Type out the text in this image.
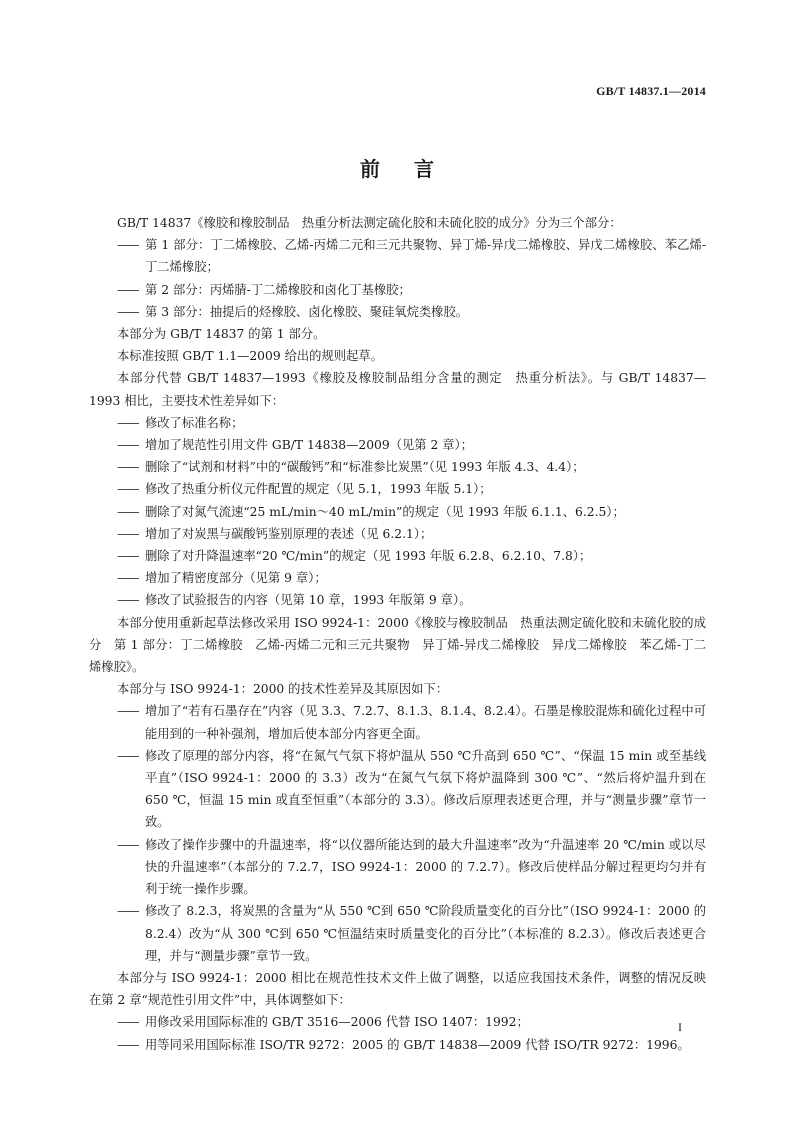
GB/T 14837.1—2014
前言

GB/T 14837《橡胶和橡胶制品　热重分析法测定硫化胶和未硫化胶的成分》分为三个部分：

—— 第 1 部分：丁二烯橡胶、乙烯-丙烯二元和三元共聚物、异丁烯-异戊二烯橡胶、异戊二烯橡胶、苯乙烯-丁二烯橡胶；

—— 第 2 部分：丙烯腈-丁二烯橡胶和卤化丁基橡胶；

—— 第 3 部分：抽提后的烃橡胶、卤化橡胶、聚硅氧烷类橡胶。

本部分为 GB/T 14837 的第 1 部分。

本标准按照 GB/T 1.1—2009 给出的规则起草。

本部分代替 GB/T 14837—1993《橡胶及橡胶制品组分含量的测定　热重分析法》。与 GB/T 14837—1993 相比，主要技术性差异如下：

—— 修改了标准名称；

—— 增加了规范性引用文件 GB/T 14838—2009（见第 2 章）；

—— 删除了“试剂和材料”中的“碳酸钙”和“标准参比炭黑”（见 1993 年版 4.3、4.4）；

—— 修改了热重分析仪元件配置的规定（见 5.1，1993 年版 5.1）；

—— 删除了对氮气流速“25 mL/min～40 mL/min”的规定（见 1993 年版 6.1.1、6.2.5）；

—— 增加了对炭黑与碳酸钙鉴别原理的表述（见 6.2.1）；

—— 删除了对升降温速率“20 ℃/min”的规定（见 1993 年版 6.2.8、6.2.10、7.8）；

—— 增加了精密度部分（见第 9 章）；

—— 修改了试验报告的内容（见第 10 章，1993 年版第 9 章）。

本部分使用重新起草法修改采用 ISO 9924-1：2000《橡胶与橡胶制品　热重法测定硫化胶和未硫化胶的成分　第 1 部分：丁二烯橡胶　乙烯-丙烯二元和三元共聚物　异丁烯-异戊二烯橡胶　异戊二烯橡胶　苯乙烯-丁二烯橡胶》。

本部分与 ISO 9924-1：2000 的技术性差异及其原因如下：

—— 增加了“若有石墨存在”内容（见 3.3、7.2.7、8.1.3、8.1.4、8.2.4）。石墨是橡胶混炼和硫化过程中可能用到的一种补强剂，增加后使本部分内容更全面。

—— 修改了原理的部分内容，将“在氮气气氛下将炉温从 550 ℃升高到 650 ℃”、“保温 15 min 或至基线平直”（ISO 9924-1：2000 的 3.3）改为“在氮气气氛下将炉温降到 300 ℃”、“然后将炉温升到在 650 ℃，恒温 15 min 或直至恒重”（本部分的 3.3）。修改后原理表述更合理，并与“测量步骤”章节一致。

—— 修改了操作步骤中的升温速率，将“以仪器所能达到的最大升温速率”改为“升温速率 20 ℃/min 或以尽快的升温速率”（本部分的 7.2.7，ISO 9924-1：2000 的 7.2.7）。修改后使样品分解过程更均匀并有利于统一操作步骤。

—— 修改了 8.2.3，将炭黑的含量为“从 550 ℃到 650 ℃阶段质量变化的百分比”（ISO 9924-1：2000 的 8.2.4）改为“从 300 ℃到 650 ℃恒温结束时质量变化的百分比”（本标准的 8.2.3）。修改后表述更合理，并与“测量步骤”章节一致。

本部分与 ISO 9924-1：2000 相比在规范性技术文件上做了调整，以适应我国技术条件，调整的情况反映在第 2 章“规范性引用文件”中，具体调整如下：

—— 用修改采用国际标准的 GB/T 3516—2006 代替 ISO 1407：1992；

—— 用等同采用国际标准 ISO/TR 9272：2005 的 GB/T 14838—2009 代替 ISO/TR 9272：1996。

I
